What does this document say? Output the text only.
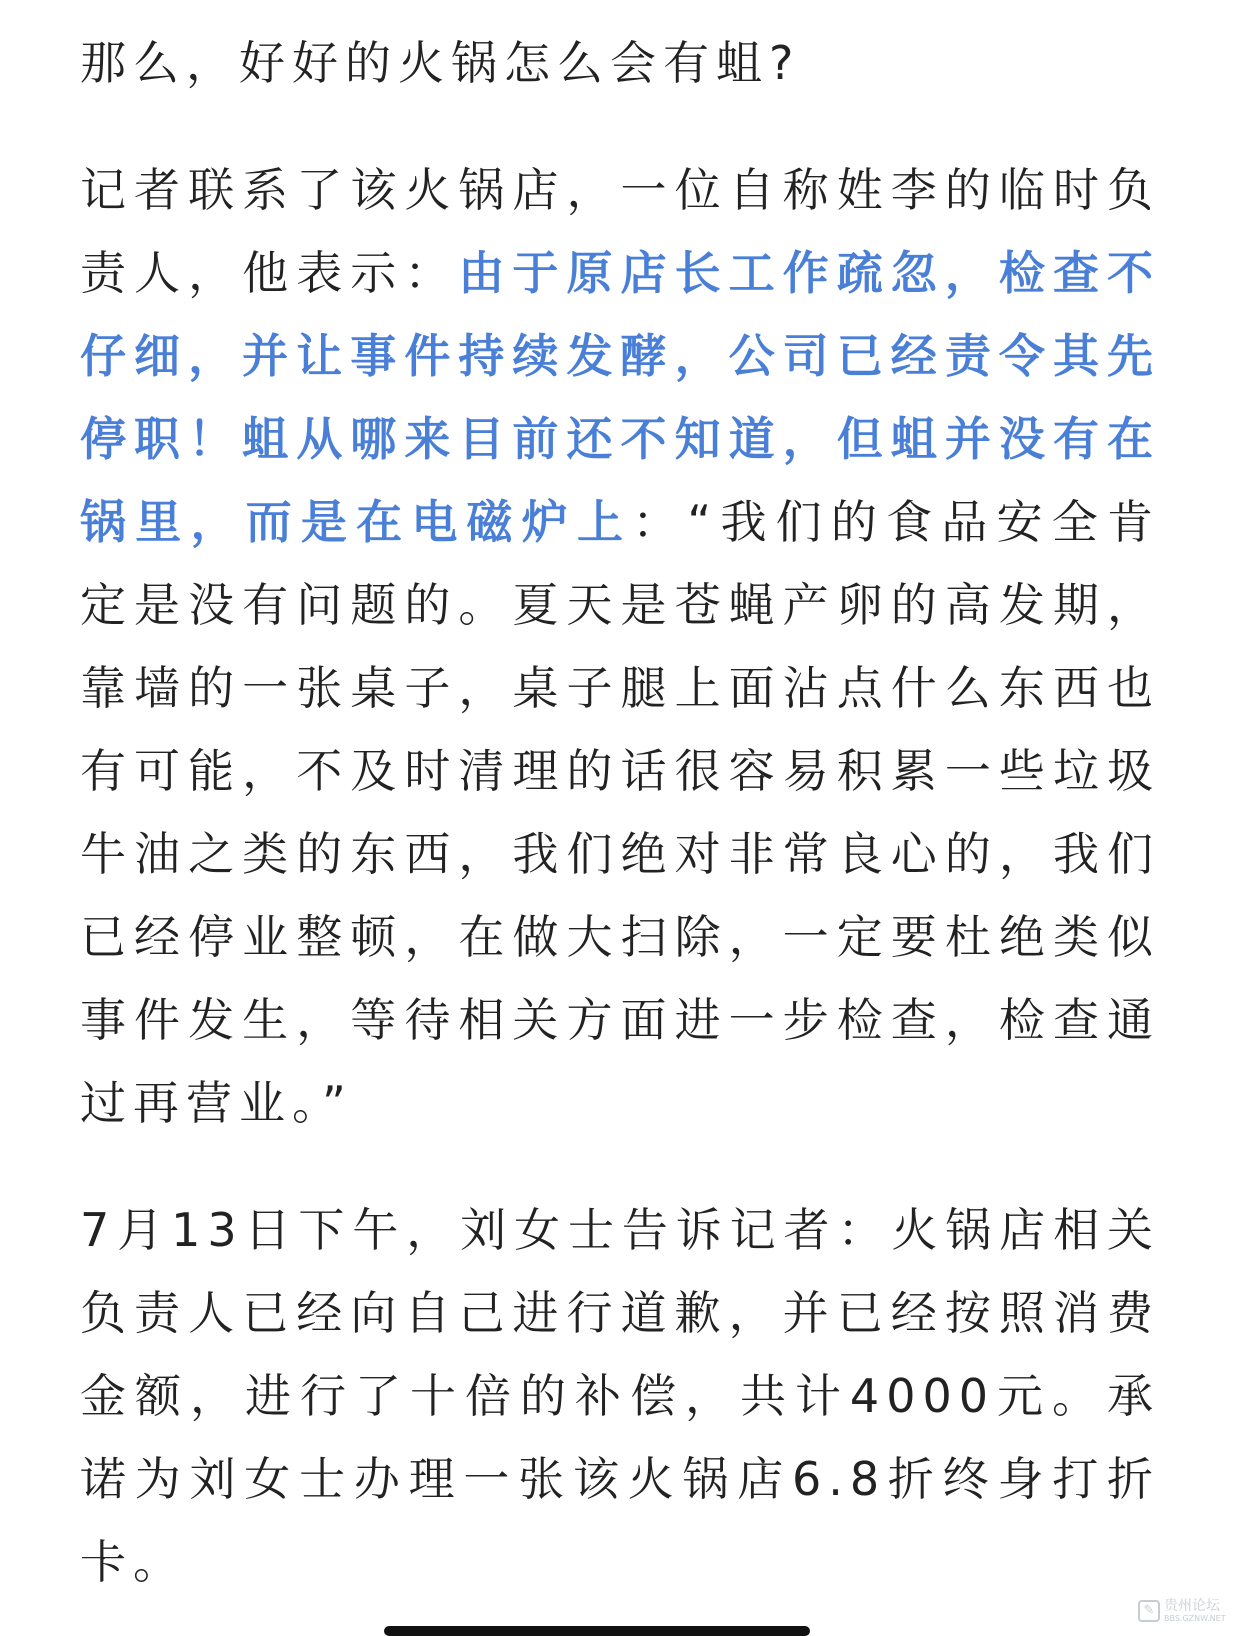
那么，好好的火锅怎么会有蛆?

记者联系了该火锅店，一位自称姓李的临时负责人，他表示：由于原店长工作疏忽，检查不仔细，并让事件持续发酵，公司已经责令其先停职！蛆从哪来目前还不知道，但蛆并没有在锅里，而是在电磁炉上：“我们的食品安全肯定是没有问题的。夏天是苍蝇产卵的高发期，靠墙的一张桌子，桌子腿上面沾点什么东西也有可能，不及时清理的话很容易积累一些垃圾牛油之类的东西，我们绝对非常良心的，我们已经停业整顿，在做大扫除，一定要杜绝类似事件发生，等待相关方面进一步检查，检查通过再营业。”

7月13日下午，刘女士告诉记者：火锅店相关负责人已经向自己进行道歉，并已经按照消费金额，进行了十倍的补偿，共计4000元。承诺为刘女士办理一张该火锅店6.8折终身打折卡。

✎ 贵州论坛
BBS.GZNW.NET
